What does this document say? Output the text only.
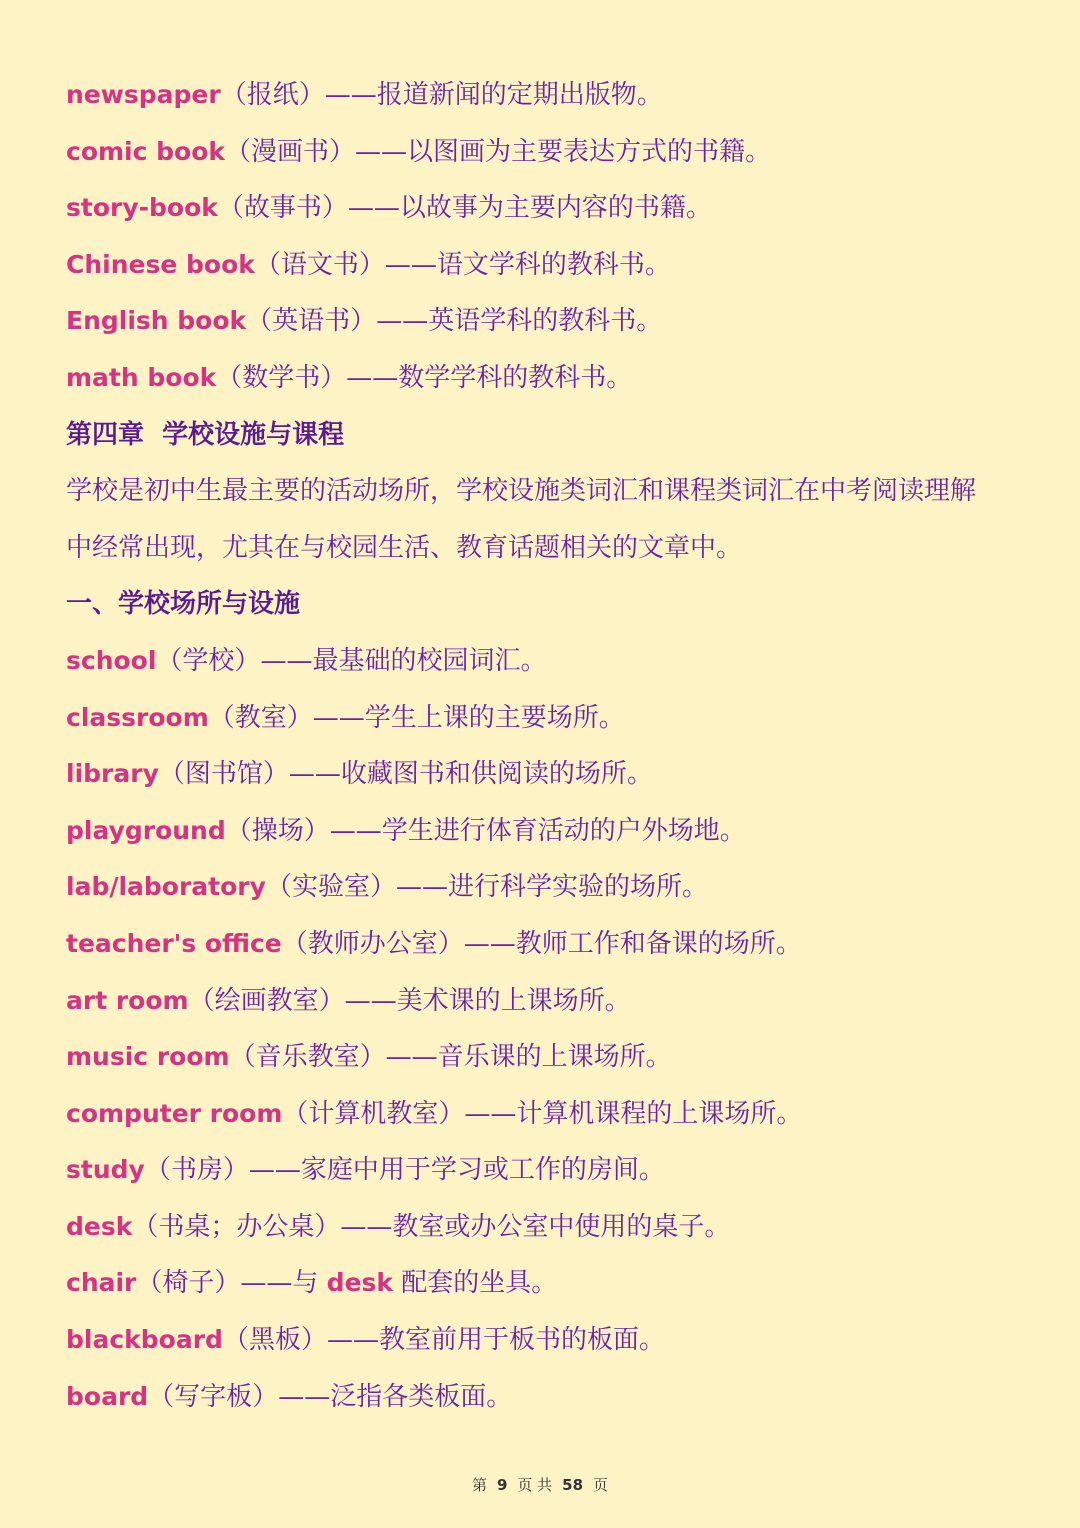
newspaper（报纸）——报道新闻的定期出版物。
comic book（漫画书）——以图画为主要表达方式的书籍。
story-book（故事书）——以故事为主要内容的书籍。
Chinese book（语文书）——语文学科的教科书。
English book（英语书）——英语学科的教科书。
math book（数学书）——数学学科的教科书。
第四章  学校设施与课程
学校是初中生最主要的活动场所，学校设施类词汇和课程类词汇在中考阅读理解
中经常出现，尤其在与校园生活、教育话题相关的文章中。
一、学校场所与设施
school（学校）——最基础的校园词汇。
classroom（教室）——学生上课的主要场所。
library（图书馆）——收藏图书和供阅读的场所。
playground（操场）——学生进行体育活动的户外场地。
lab/laboratory（实验室）——进行科学实验的场所。
teacher's office（教师办公室）——教师工作和备课的场所。
art room（绘画教室）——美术课的上课场所。
music room（音乐教室）——音乐课的上课场所。
computer room（计算机教室）——计算机课程的上课场所。
study（书房）——家庭中用于学习或工作的房间。
desk（书桌；办公桌）——教室或办公室中使用的桌子。
chair（椅子）——与 desk 配套的坐具。
blackboard（黑板）——教室前用于板书的板面。
board（写字板）——泛指各类板面。
第 9 页 共 58 页
